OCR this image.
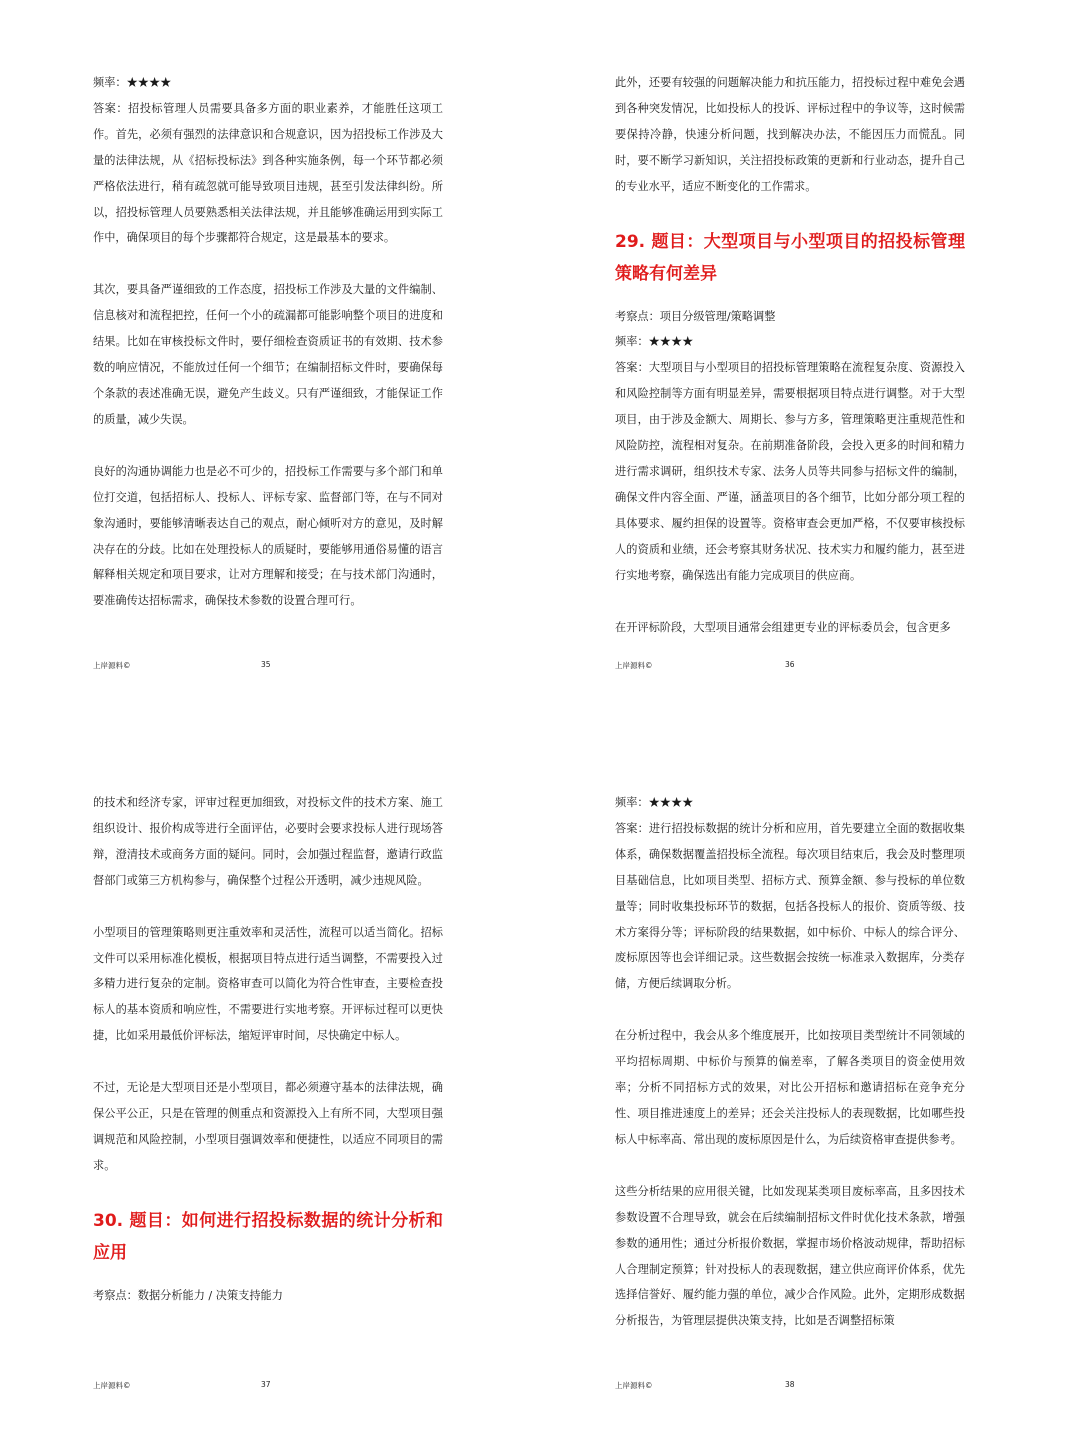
频率：★★★★

答案：招投标管理人员需要具备多方面的职业素养，才能胜任这项工作。首先，必须有强烈的法律意识和合规意识，因为招投标工作涉及大量的法律法规，从《招标投标法》到各种实施条例，每一个环节都必须严格依法进行，稍有疏忽就可能导致项目违规，甚至引发法律纠纷。所以，招投标管理人员要熟悉相关法律法规，并且能够准确运用到实际工作中，确保项目的每个步骤都符合规定，这是最基本的要求。

其次，要具备严谨细致的工作态度，招投标工作涉及大量的文件编制、信息核对和流程把控，任何一个小的疏漏都可能影响整个项目的进度和结果。比如在审核投标文件时，要仔细检查资质证书的有效期、技术参数的响应情况，不能放过任何一个细节；在编制招标文件时，要确保每个条款的表述准确无误，避免产生歧义。只有严谨细致，才能保证工作的质量，减少失误。

良好的沟通协调能力也是必不可少的，招投标工作需要与多个部门和单位打交道，包括招标人、投标人、评标专家、监督部门等，在与不同对象沟通时，要能够清晰表达自己的观点，耐心倾听对方的意见，及时解决存在的分歧。比如在处理投标人的质疑时，要能够用通俗易懂的语言解释相关规定和项目要求，让对方理解和接受；在与技术部门沟通时，要准确传达招标需求，确保技术参数的设置合理可行。

上岸源料©	35

此外，还要有较强的问题解决能力和抗压能力，招投标过程中难免会遇到各种突发情况，比如投标人的投诉、评标过程中的争议等，这时候需要保持冷静，快速分析问题，找到解决办法，不能因压力而慌乱。同时，要不断学习新知识，关注招投标政策的更新和行业动态，提升自己的专业水平，适应不断变化的工作需求。

29. 题目：大型项目与小型项目的招投标管理策略有何差异

考察点：项目分级管理/策略调整

频率：★★★★

答案：大型项目与小型项目的招投标管理策略在流程复杂度、资源投入和风险控制等方面有明显差异，需要根据项目特点进行调整。对于大型项目，由于涉及金额大、周期长、参与方多，管理策略更注重规范性和风险防控，流程相对复杂。在前期准备阶段，会投入更多的时间和精力进行需求调研，组织技术专家、法务人员等共同参与招标文件的编制，确保文件内容全面、严谨，涵盖项目的各个细节，比如分部分项工程的具体要求、履约担保的设置等。资格审查会更加严格，不仅要审核投标人的资质和业绩，还会考察其财务状况、技术实力和履约能力，甚至进行实地考察，确保选出有能力完成项目的供应商。

在开评标阶段，大型项目通常会组建更专业的评标委员会，包含更多

上岸源料©	36

的技术和经济专家，评审过程更加细致，对投标文件的技术方案、施工组织设计、报价构成等进行全面评估，必要时会要求投标人进行现场答辩，澄清技术或商务方面的疑问。同时，会加强过程监督，邀请行政监督部门或第三方机构参与，确保整个过程公开透明，减少违规风险。

小型项目的管理策略则更注重效率和灵活性，流程可以适当简化。招标文件可以采用标准化模板，根据项目特点进行适当调整，不需要投入过多精力进行复杂的定制。资格审查可以简化为符合性审查，主要检查投标人的基本资质和响应性，不需要进行实地考察。开评标过程可以更快捷，比如采用最低价评标法，缩短评审时间，尽快确定中标人。

不过，无论是大型项目还是小型项目，都必须遵守基本的法律法规，确保公平公正，只是在管理的侧重点和资源投入上有所不同，大型项目强调规范和风险控制，小型项目强调效率和便捷性，以适应不同项目的需求。

30. 题目：如何进行招投标数据的统计分析和应用

考察点：数据分析能力 / 决策支持能力

上岸源料©	37

频率：★★★★

答案：进行招投标数据的统计分析和应用，首先要建立全面的数据收集体系，确保数据覆盖招投标全流程。每次项目结束后，我会及时整理项目基础信息，比如项目类型、招标方式、预算金额、参与投标的单位数量等；同时收集投标环节的数据，包括各投标人的报价、资质等级、技术方案得分等；评标阶段的结果数据，如中标价、中标人的综合评分、废标原因等也会详细记录。这些数据会按统一标准录入数据库，分类存储，方便后续调取分析。

在分析过程中，我会从多个维度展开，比如按项目类型统计不同领域的平均招标周期、中标价与预算的偏差率，了解各类项目的资金使用效率；分析不同招标方式的效果，对比公开招标和邀请招标在竞争充分性、项目推进速度上的差异；还会关注投标人的表现数据，比如哪些投标人中标率高、常出现的废标原因是什么，为后续资格审查提供参考。

这些分析结果的应用很关键，比如发现某类项目废标率高，且多因技术参数设置不合理导致，就会在后续编制招标文件时优化技术条款，增强参数的通用性；通过分析报价数据，掌握市场价格波动规律，帮助招标人合理制定预算；针对投标人的表现数据，建立供应商评价体系，优先选择信誉好、履约能力强的单位，减少合作风险。此外，定期形成数据分析报告，为管理层提供决策支持，比如是否调整招标策

上岸源料©	38
